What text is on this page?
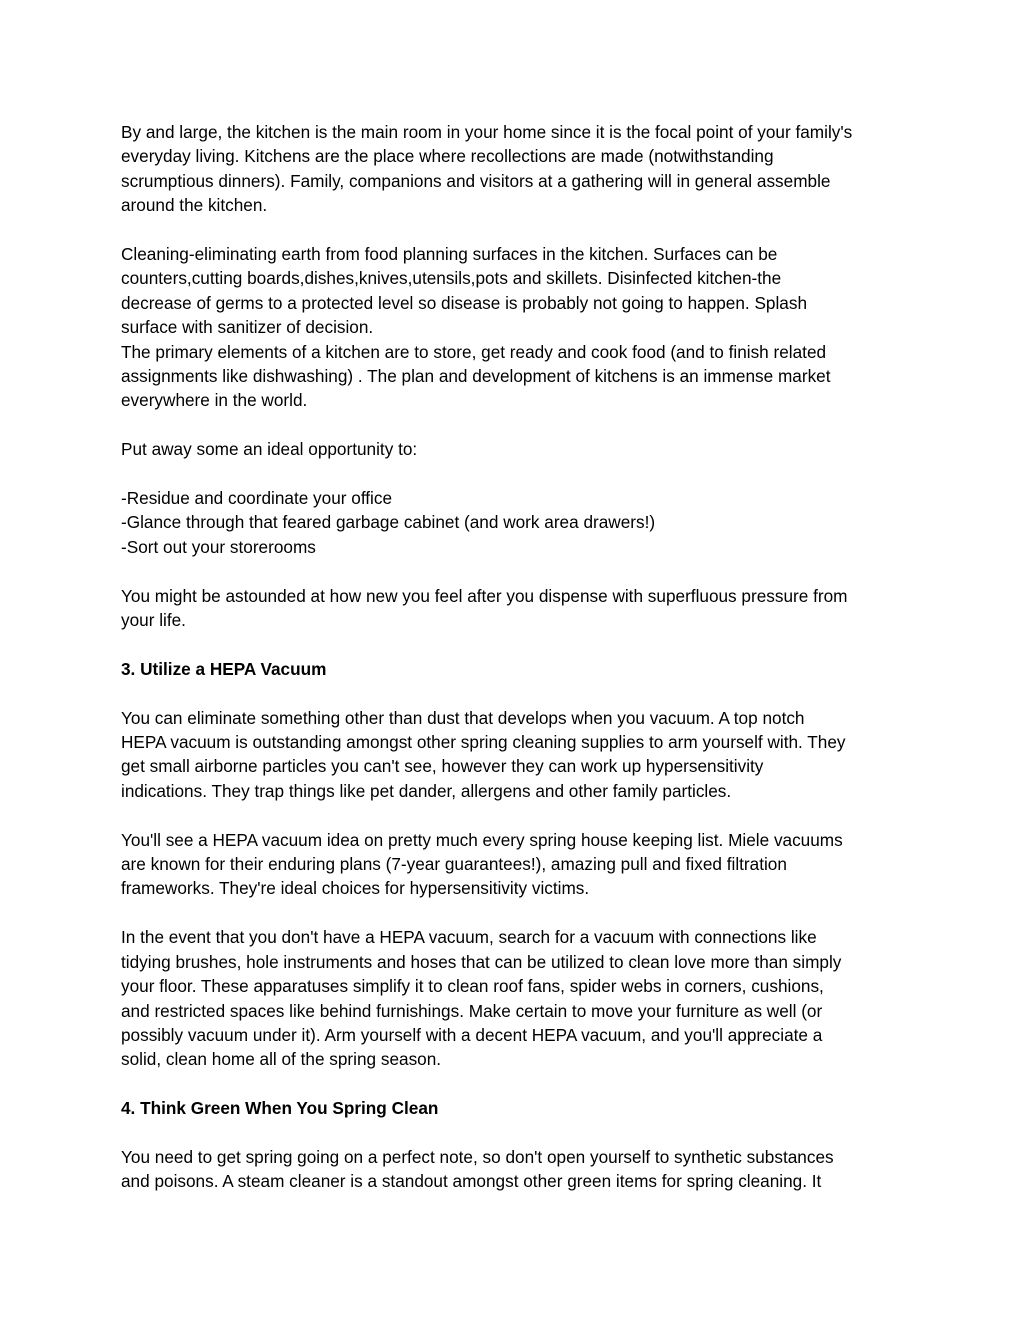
By and large, the kitchen is the main room in your home since it is the focal point of your family's
everyday living. Kitchens are the place where recollections are made (notwithstanding
scrumptious dinners). Family, companions and visitors at a gathering will in general assemble
around the kitchen.

Cleaning-eliminating earth from food planning surfaces in the kitchen. Surfaces can be
counters,cutting boards,dishes,knives,utensils,pots and skillets. Disinfected kitchen-the
decrease of germs to a protected level so disease is probably not going to happen. Splash
surface with sanitizer of decision.

The primary elements of a kitchen are to store, get ready and cook food (and to finish related
assignments like dishwashing) . The plan and development of kitchens is an immense market
everywhere in the world.

Put away some an ideal opportunity to:

-Residue and coordinate your office
-Glance through that feared garbage cabinet (and work area drawers!)
-Sort out your storerooms

You might be astounded at how new you feel after you dispense with superfluous pressure from
your life.

3. Utilize a HEPA Vacuum

You can eliminate something other than dust that develops when you vacuum. A top notch
HEPA vacuum is outstanding amongst other spring cleaning supplies to arm yourself with. They
get small airborne particles you can't see, however they can work up hypersensitivity
indications. They trap things like pet dander, allergens and other family particles.

You'll see a HEPA vacuum idea on pretty much every spring house keeping list. Miele vacuums
are known for their enduring plans (7-year guarantees!), amazing pull and fixed filtration
frameworks. They're ideal choices for hypersensitivity victims.

In the event that you don't have a HEPA vacuum, search for a vacuum with connections like
tidying brushes, hole instruments and hoses that can be utilized to clean love more than simply
your floor. These apparatuses simplify it to clean roof fans, spider webs in corners, cushions,
and restricted spaces like behind furnishings. Make certain to move your furniture as well (or
possibly vacuum under it). Arm yourself with a decent HEPA vacuum, and you'll appreciate a
solid, clean home all of the spring season.

4. Think Green When You Spring Clean

You need to get spring going on a perfect note, so don't open yourself to synthetic substances
and poisons. A steam cleaner is a standout amongst other green items for spring cleaning. It
